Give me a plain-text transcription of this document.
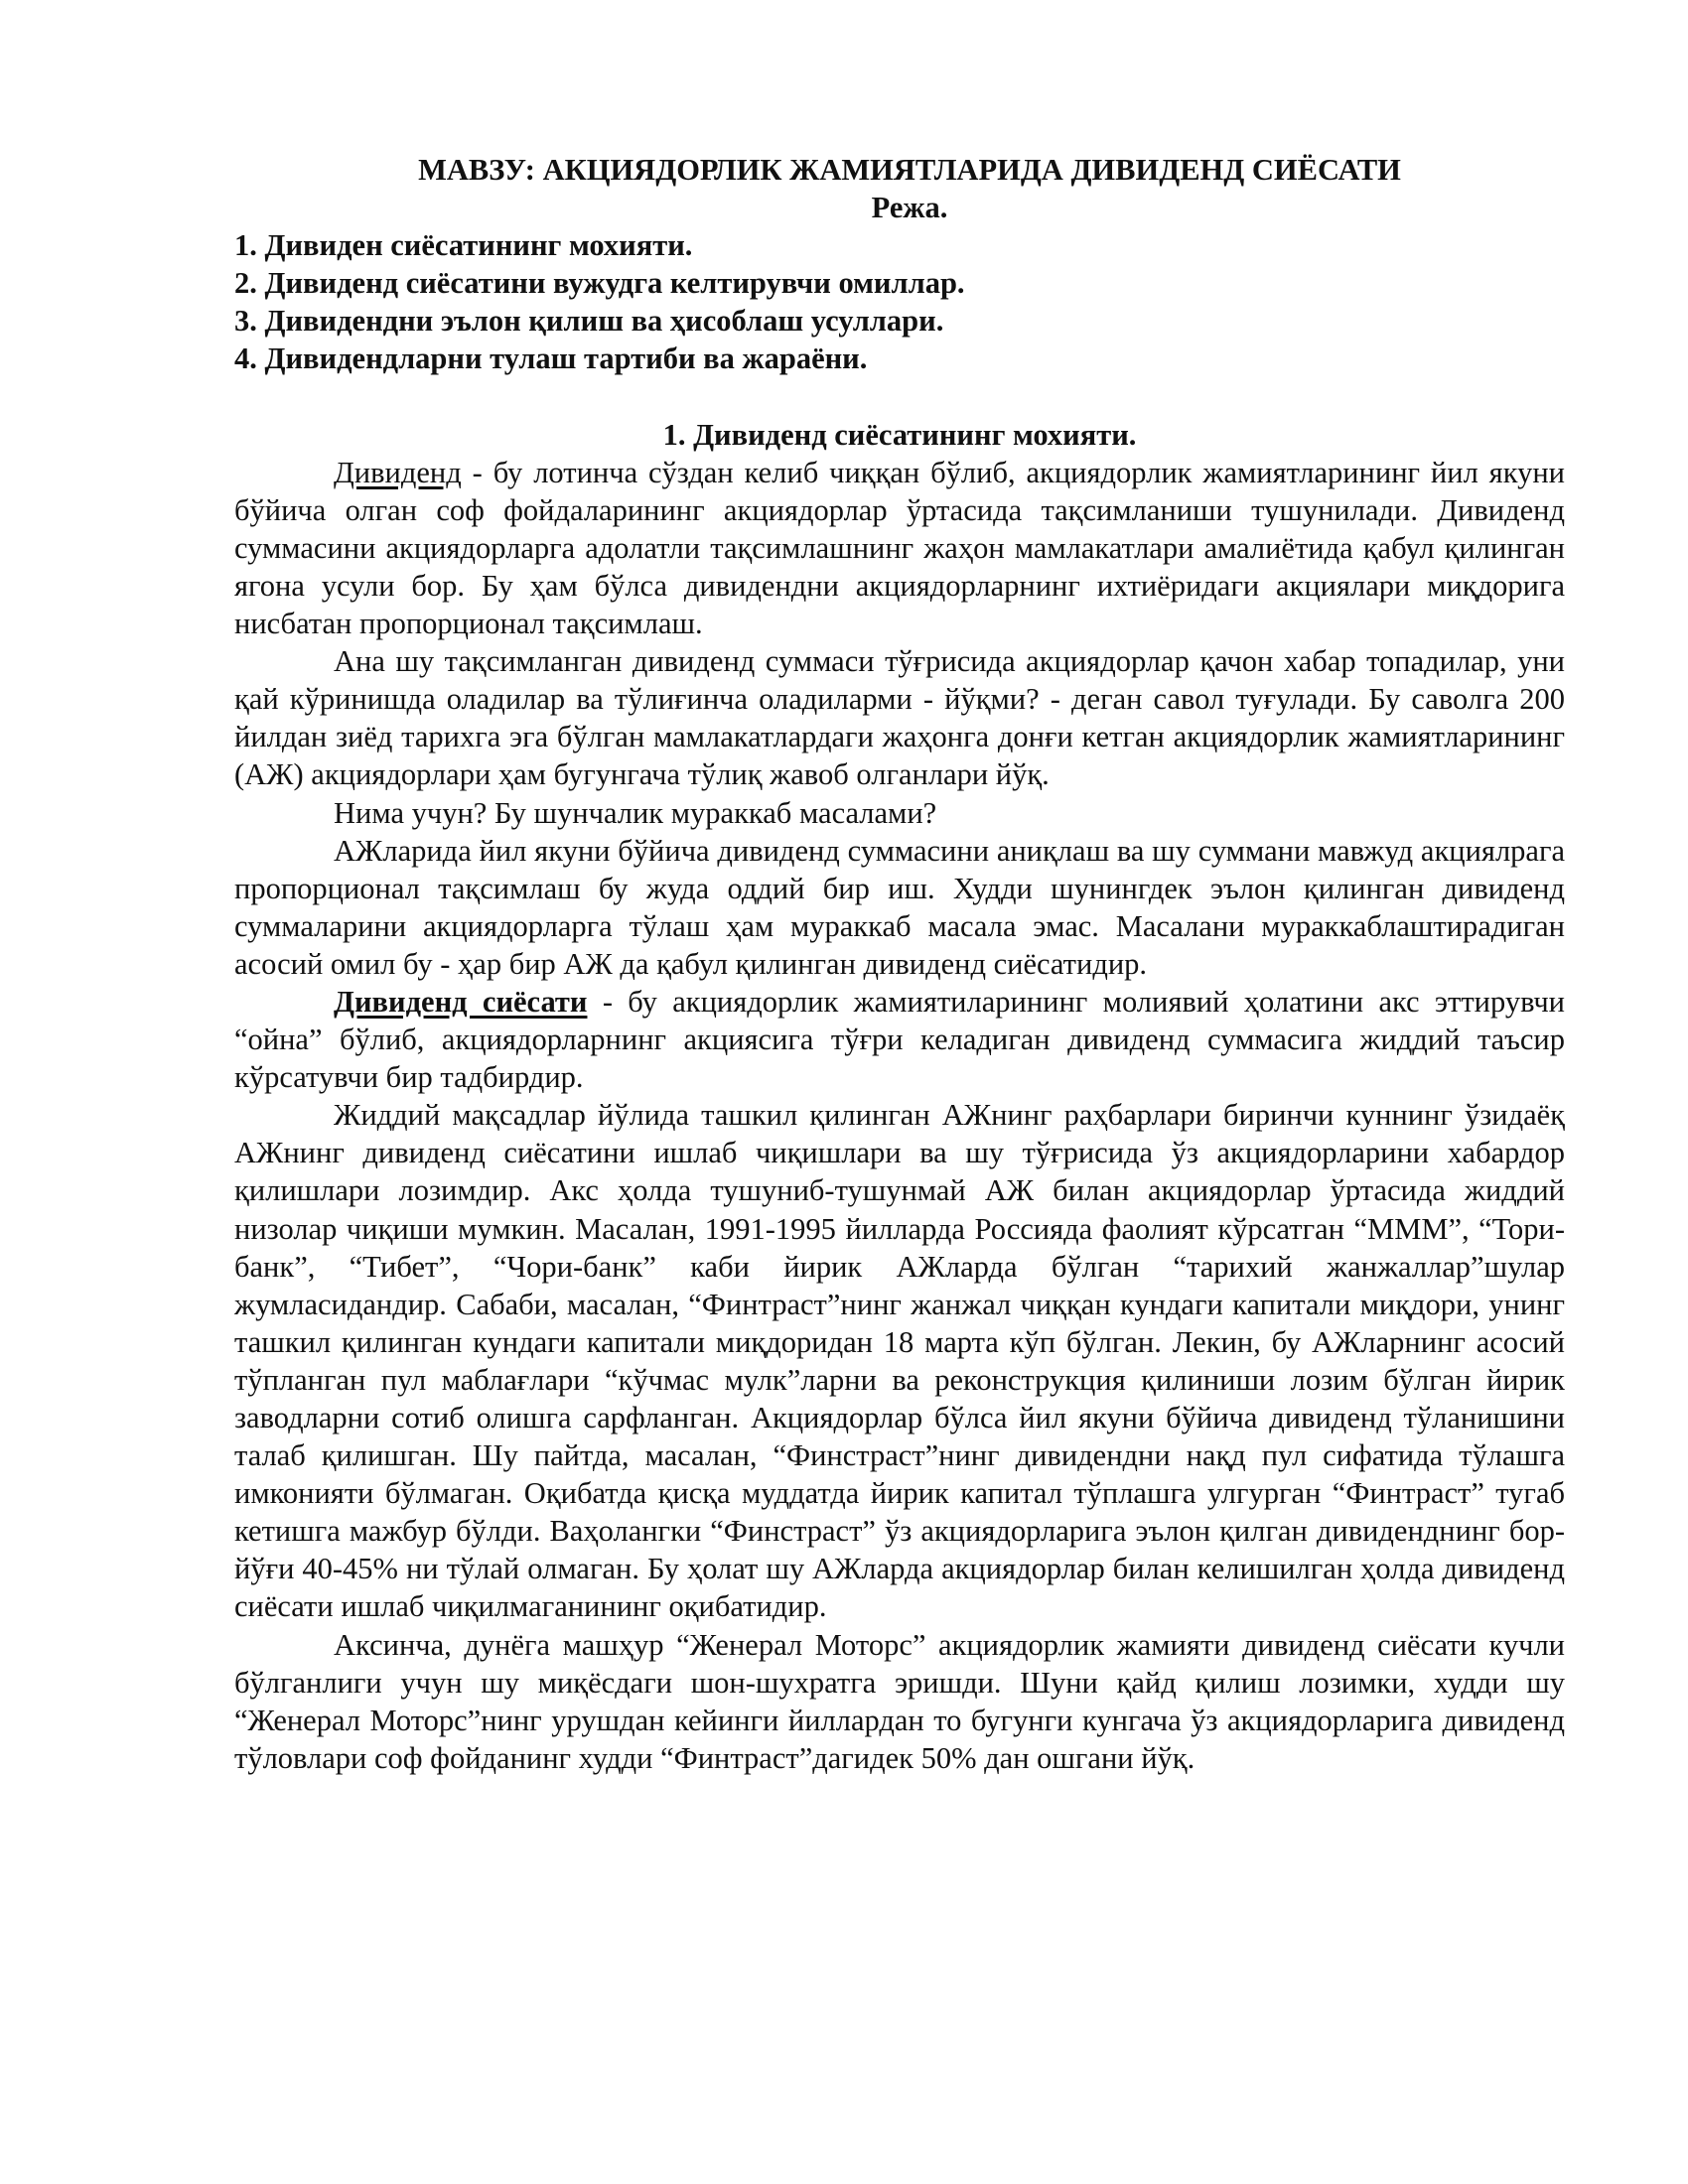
МАВЗУ: АКЦИЯДОРЛИК ЖАМИЯТЛАРИДА ДИВИДЕНД СИЁСАТИ
Режа.
1. Дивиден сиёсатининг мохияти.
2. Дивиденд сиёсатини вужудга келтирувчи омиллар.
3. Дивидендни эълон қилиш ва ҳисоблаш усуллари.
4. Дивидендларни тулаш тартиби ва жараёни.
1. Дивиденд сиёсатининг мохияти.

Дивиденд - бу лотинча сўздан келиб чиққан бўлиб, акциядорлик жамиятларининг йил якуни бўйича олган соф фойдаларининг акциядорлар ўртасида тақсимланиши тушунилади. Дивиденд суммасини акциядорларга адолатли тақсимлашнинг жаҳон мамлакатлари амалиётида қабул қилинган ягона усули бор. Бу ҳам бўлса дивидендни акциядорларнинг ихтиёридаги акциялари миқдорига нисбатан пропорционал тақсимлаш.

Ана шу тақсимланган дивиденд суммаси тўғрисида акциядорлар қачон хабар топадилар, уни қай кўринишда оладилар ва тўлиғинча оладиларми - йўқми? - деган савол туғулади. Бу саволга 200 йилдан зиёд тарихга эга бўлган мамлакатлардаги жаҳонга донғи кетган акциядорлик жамиятларининг (АЖ) акциядорлари ҳам бугунгача тўлиқ жавоб олганлари йўқ.

Нима учун? Бу шунчалик мураккаб масалами?

АЖларида йил якуни бўйича дивиденд суммасини аниқлаш ва шу суммани мавжуд акциялрага пропорционал тақсимлаш бу жуда оддий бир иш. Худди шунингдек эълон қилинган дивиденд суммаларини акциядорларга тўлаш ҳам мураккаб масала эмас. Масалани мураккаблаштирадиган асосий омил бу - ҳар бир АЖ да қабул қилинган дивиденд сиёсатидир.

Дивиденд сиёсати - бу акциядорлик жамиятиларининг молиявий ҳолатини акс эттирувчи “ойна” бўлиб, акциядорларнинг акциясига тўғри келадиган дивиденд суммасига жиддий таъсир кўрсатувчи бир тадбирдир.

Жиддий мақсадлар йўлида ташкил қилинган АЖнинг раҳбарлари биринчи куннинг ўзидаёқ АЖнинг дивиденд сиёсатини ишлаб чиқишлари ва шу тўғрисида ўз акциядорларини хабардор қилишлари лозимдир. Акс ҳолда тушуниб-тушунмай АЖ билан акциядорлар ўртасида жиддий низолар чиқиши мумкин. Масалан, 1991-1995 йилларда Россияда фаолият кўрсатган “МММ”, “Тори-банк”, “Тибет”, “Чори-банк” каби йирик АЖларда бўлган “тарихий жанжаллар”шулар жумласидандир. Сабаби, масалан, “Финтраст”нинг жанжал чиққан кундаги капитали миқдори, унинг ташкил қилинган кундаги капитали миқдоридан 18 марта кўп бўлган. Лекин, бу АЖларнинг асосий тўпланган пул маблағлари “кўчмас мулк”ларни ва реконструкция қилиниши лозим бўлган йирик заводларни сотиб олишга сарфланган. Акциядорлар бўлса йил якуни бўйича дивиденд тўланишини талаб қилишган. Шу пайтда, масалан, “Финстраст”нинг дивидендни нақд пул сифатида тўлашга имконияти бўлмаган. Оқибатда қисқа муддатда йирик капитал тўплашга улгурган “Финтраст” тугаб кетишга мажбур бўлди. Ваҳолангки “Финстраст” ўз акциядорларига эълон қилган дивиденднинг бор-йўғи 40-45% ни тўлай олмаган. Бу ҳолат шу АЖларда акциядорлар билан келишилган ҳолда дивиденд сиёсати ишлаб чиқилмаганининг оқибатидир.

Аксинча, дунёга машҳур “Женерал Моторс” акциядорлик жамияти дивиденд сиёсати кучли бўлганлиги учун шу миқёсдаги шон-шухратга эришди. Шуни қайд қилиш лозимки, худди шу “Женерал Моторс”нинг урушдан кейинги йиллардан то бугунги кунгача ўз акциядорларига дивиденд тўловлари соф фойданинг худди “Финтраст”дагидек 50% дан ошгани йўқ.
